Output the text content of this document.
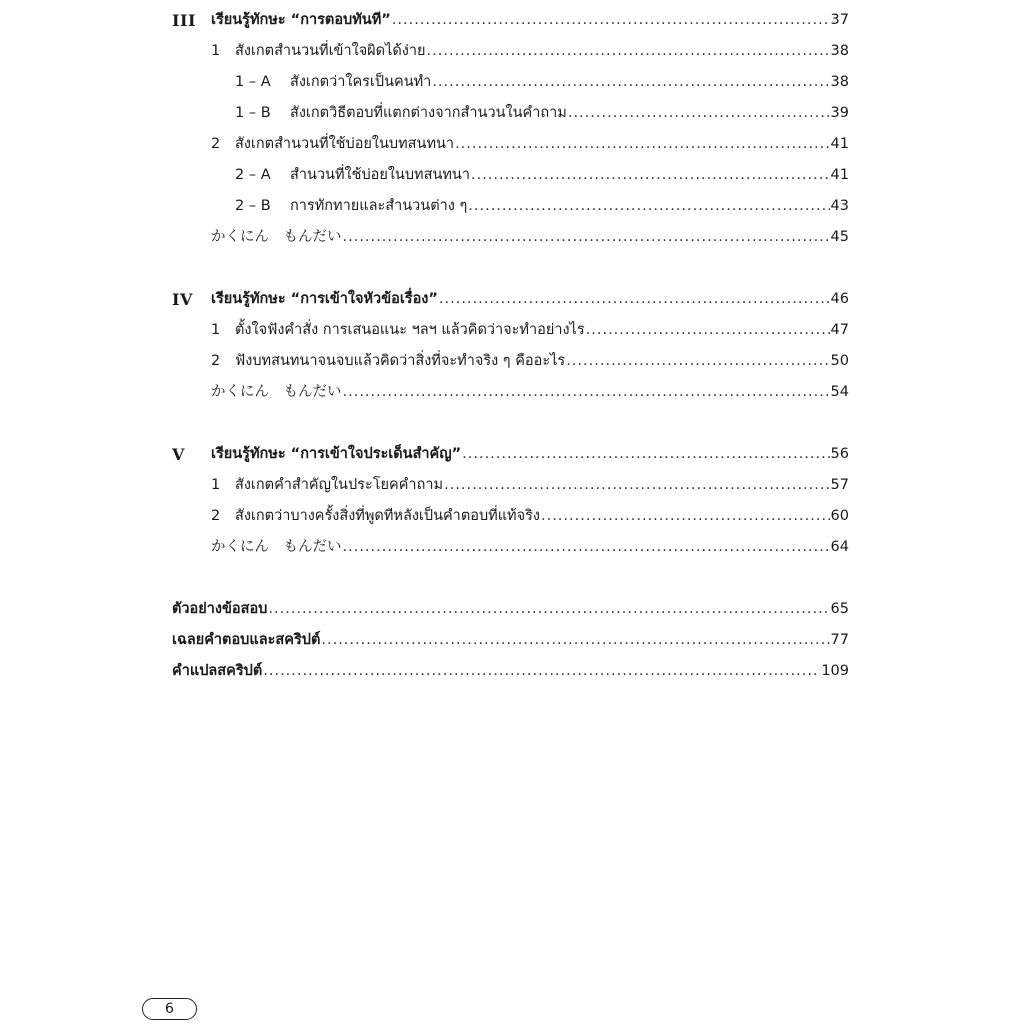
III เรียนรู้ทักษะ “การตอบทันที” .....	37
1	สังเกตสำนวนที่เข้าใจผิดได้ง่าย .....	38
1 – A	สังเกตว่าใครเป็นคนทำ .....	38
1 – B	สังเกตวิธีตอบที่แตกต่างจากสำนวนในคำถาม .....	39
2	สังเกตสำนวนที่ใช้บ่อยในบทสนทนา .....	41
2 – A	สำนวนที่ใช้บ่อยในบทสนทนา .....	41
2 – B	การทักทายและสำนวนต่าง ๆ .....	43
かくにん　もんだい .....	45
IV เรียนรู้ทักษะ “การเข้าใจหัวข้อเรื่อง” .....	46
1	ตั้งใจฟังคำสั่ง การเสนอแนะ ฯลฯ แล้วคิดว่าจะทำอย่างไร .....	47
2	ฟังบทสนทนาจนจบแล้วคิดว่าสิ่งที่จะทำจริง ๆ คืออะไร .....	50
かくにん　もんだい .....	54
V เรียนรู้ทักษะ “การเข้าใจประเด็นสำคัญ” .....	56
1	สังเกตคำสำคัญในประโยคคำถาม .....	57
2	สังเกตว่าบางครั้งสิ่งที่พูดทีหลังเป็นคำตอบที่แท้จริง .....	60
かくにん　もんだい .....	64
ตัวอย่างข้อสอบ .....	65
เฉลยคำตอบและสคริปต์ .....	77
คำแปลสคริปต์ .....	109
6
